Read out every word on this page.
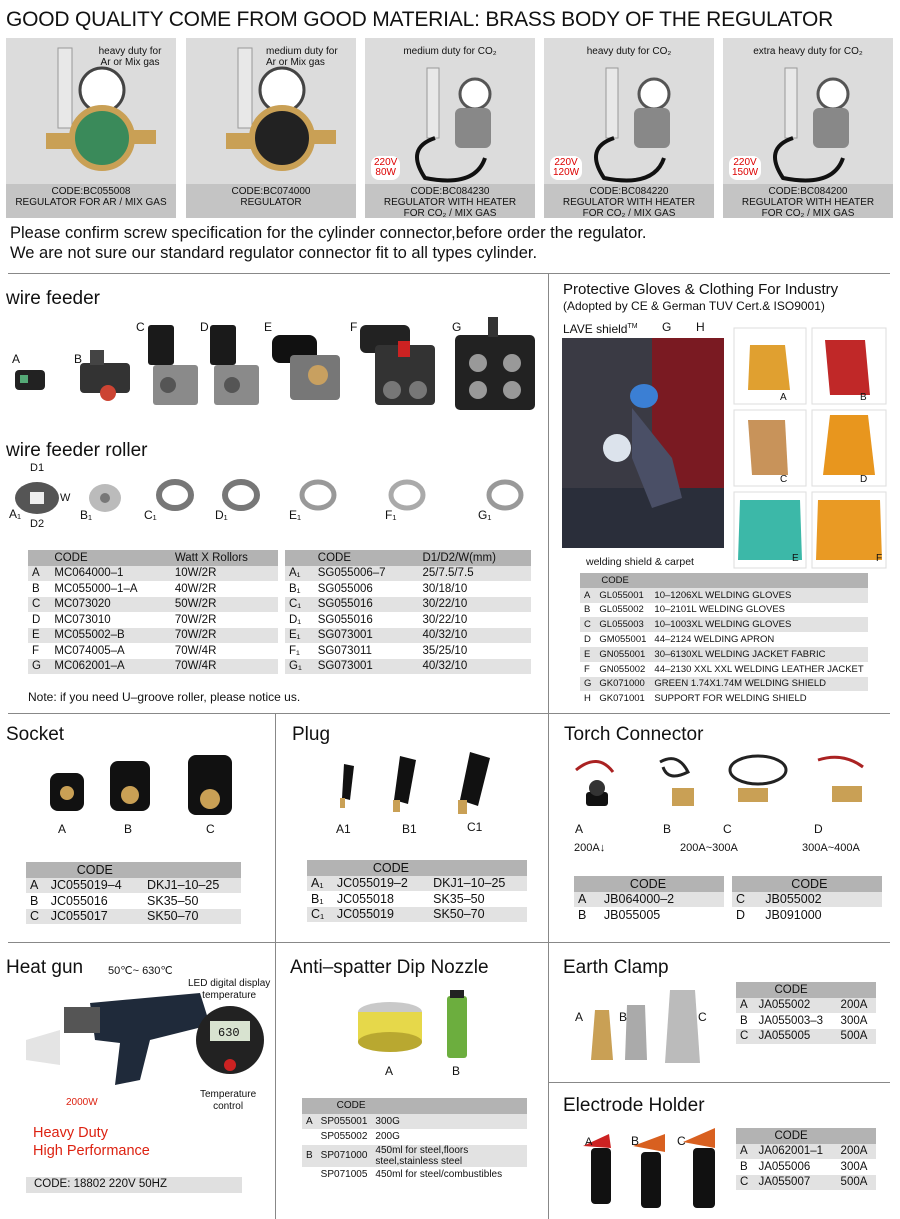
GOOD QUALITY COME FROM GOOD MATERIAL: BRASS BODY OF THE REGULATOR
heavy duty for
Ar or Mix gas
CODE:BC055008
REGULATOR FOR AR / MIX GAS
medium duty for
Ar or Mix gas
CODE:BC074000
REGULATOR
medium duty for CO₂
220V
80W
CODE:BC084230
REGULATOR WITH HEATER
FOR CO₂ / MIX GAS
heavy duty for CO₂
220V
120W
CODE:BC084220
REGULATOR WITH HEATER
FOR CO₂ / MIX GAS
extra heavy duty for CO₂
220V
150W
CODE:BC084200
REGULATOR WITH HEATER
FOR CO₂ / MIX GAS
Please confirm screw specification for the cylinder connector,before order the regulator.
We are not sure our standard regulator connector fit to all types cylinder.
wire feeder
A	B
C	D	E	F	G
wire feeder roller
D1
D2
W
A₁	B₁	C₁	D₁	E₁	F₁	G₁
	CODE	Watt X Rollors
A	MC064000–1	10W/2R
B	MC055000–1–A	40W/2R
C	MC073020	50W/2R
D	MC073010	70W/2R
E	MC055002–B	70W/2R
F	MC074005–A	70W/4R
G	MC062001–A	70W/4R
	CODE	D1/D2/W(mm)
A₁	SG055006–7	25/7.5/7.5
B₁	SG055006	30/18/10
C₁	SG055016	30/22/10
D₁	SG055016	30/22/10
E₁	SG073001	40/32/10
F₁	SG073011	35/25/10
G₁	SG073001	40/32/10
Note: if you need U–groove roller, please notice us.
Protective Gloves & Clothing For Industry
(Adopted by CE & German TUV Cert.& ISO9001)
LAVE shield™ G H
welding shield & carpet
A	B
C	D
E	F
	CODE	
A	GL055001	10–1206XL WELDING GLOVES
B	GL055002	10–2101L WELDING GLOVES
C	GL055003	10–1003XL WELDING GLOVES
D	GM055001	44–2124 WELDING APRON
E	GN055001	30–6130XL WELDING JACKET FABRIC
F	GN055002	44–2130 XXL XXL WELDING LEATHER JACKET
G	GK071000	GREEN 1.74X1.74M WELDING SHIELD
H	GK071001	SUPPORT FOR WELDING SHIELD
Socket
A	B	C
	CODE	
A	JC055019–4	DKJ1–10–25
B	JC055016	SK35–50
C	JC055017	SK50–70
Plug
A1	B1	C1
	CODE	
A₁	JC055019–2	DKJ1–10–25
B₁	JC055018	SK35–50
C₁	JC055019	SK50–70
Torch Connector
A	B	C	D
200A↓	200A~300A	300A~400A
	CODE
A	JB064000–2
B	JB055005
	CODE
C	JB055002
D	JB091000
Heat gun 50℃~ 630℃
LED digital display
temperature
630
Temperature
control
2000W
Heavy Duty
High Performance
CODE: 18802 220V 50HZ
Anti–spatter Dip Nozzle
A	B
	CODE	
A	SP055001	300G
	SP055002	200G
B	SP071000	450ml for steel,floors steel,stainless steel
	SP071005	450ml for steel/combustibles
Earth Clamp
A	B	C
	CODE	
A	JA055002	200A
B	JA055003–3	300A
C	JA055005	500A
Electrode Holder
A	B	C
		CODE	
A	JA062001–1	200A
B	JA055006	300A
C	JA055007	500A
